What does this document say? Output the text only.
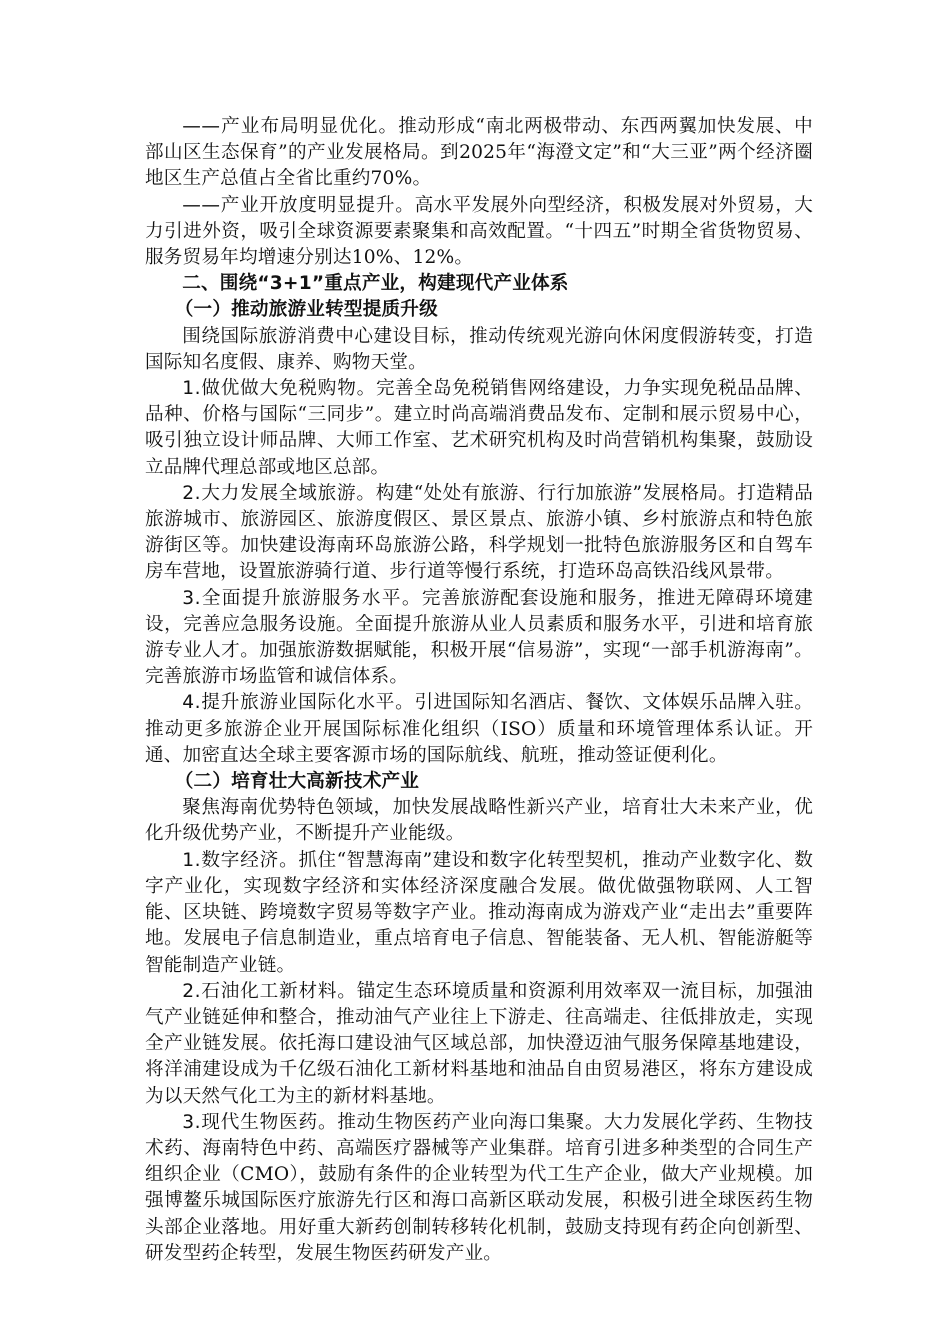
——产业布局明显优化。推动形成“南北两极带动、东西两翼加快发展、中部山区生态保育”的产业发展格局。到2025年“海澄文定”和“大三亚”两个经济圈地区生产总值占全省比重约70%。

——产业开放度明显提升。高水平发展外向型经济，积极发展对外贸易，大力引进外资，吸引全球资源要素聚集和高效配置。“十四五”时期全省货物贸易、服务贸易年均增速分别达10%、12%。

二、围绕“3+1”重点产业，构建现代产业体系

（一）推动旅游业转型提质升级

围绕国际旅游消费中心建设目标，推动传统观光游向休闲度假游转变，打造国际知名度假、康养、购物天堂。

1.做优做大免税购物。完善全岛免税销售网络建设，力争实现免税品品牌、品种、价格与国际“三同步”。建立时尚高端消费品发布、定制和展示贸易中心，吸引独立设计师品牌、大师工作室、艺术研究机构及时尚营销机构集聚，鼓励设立品牌代理总部或地区总部。

2.大力发展全域旅游。构建“处处有旅游、行行加旅游”发展格局。打造精品旅游城市、旅游园区、旅游度假区、景区景点、旅游小镇、乡村旅游点和特色旅游街区等。加快建设海南环岛旅游公路，科学规划一批特色旅游服务区和自驾车房车营地，设置旅游骑行道、步行道等慢行系统，打造环岛高铁沿线风景带。

3.全面提升旅游服务水平。完善旅游配套设施和服务，推进无障碍环境建设，完善应急服务设施。全面提升旅游从业人员素质和服务水平，引进和培育旅游专业人才。加强旅游数据赋能，积极开展“信易游”，实现“一部手机游海南”。完善旅游市场监管和诚信体系。

4.提升旅游业国际化水平。引进国际知名酒店、餐饮、文体娱乐品牌入驻。推动更多旅游企业开展国际标准化组织（ISO）质量和环境管理体系认证。开通、加密直达全球主要客源市场的国际航线、航班，推动签证便利化。

（二）培育壮大高新技术产业

聚焦海南优势特色领域，加快发展战略性新兴产业，培育壮大未来产业，优化升级优势产业，不断提升产业能级。

1.数字经济。抓住“智慧海南”建设和数字化转型契机，推动产业数字化、数字产业化，实现数字经济和实体经济深度融合发展。做优做强物联网、人工智能、区块链、跨境数字贸易等数字产业。推动海南成为游戏产业“走出去”重要阵地。发展电子信息制造业，重点培育电子信息、智能装备、无人机、智能游艇等智能制造产业链。

2.石油化工新材料。锚定生态环境质量和资源利用效率双一流目标，加强油气产业链延伸和整合，推动油气产业往上下游走、往高端走、往低排放走，实现全产业链发展。依托海口建设油气区域总部，加快澄迈油气服务保障基地建设，将洋浦建设成为千亿级石油化工新材料基地和油品自由贸易港区，将东方建设成为以天然气化工为主的新材料基地。

3.现代生物医药。推动生物医药产业向海口集聚。大力发展化学药、生物技术药、海南特色中药、高端医疗器械等产业集群。培育引进多种类型的合同生产组织企业（CMO），鼓励有条件的企业转型为代工生产企业，做大产业规模。加强博鳌乐城国际医疗旅游先行区和海口高新区联动发展，积极引进全球医药生物头部企业落地。用好重大新药创制转移转化机制，鼓励支持现有药企向创新型、研发型药企转型，发展生物医药研发产业。
